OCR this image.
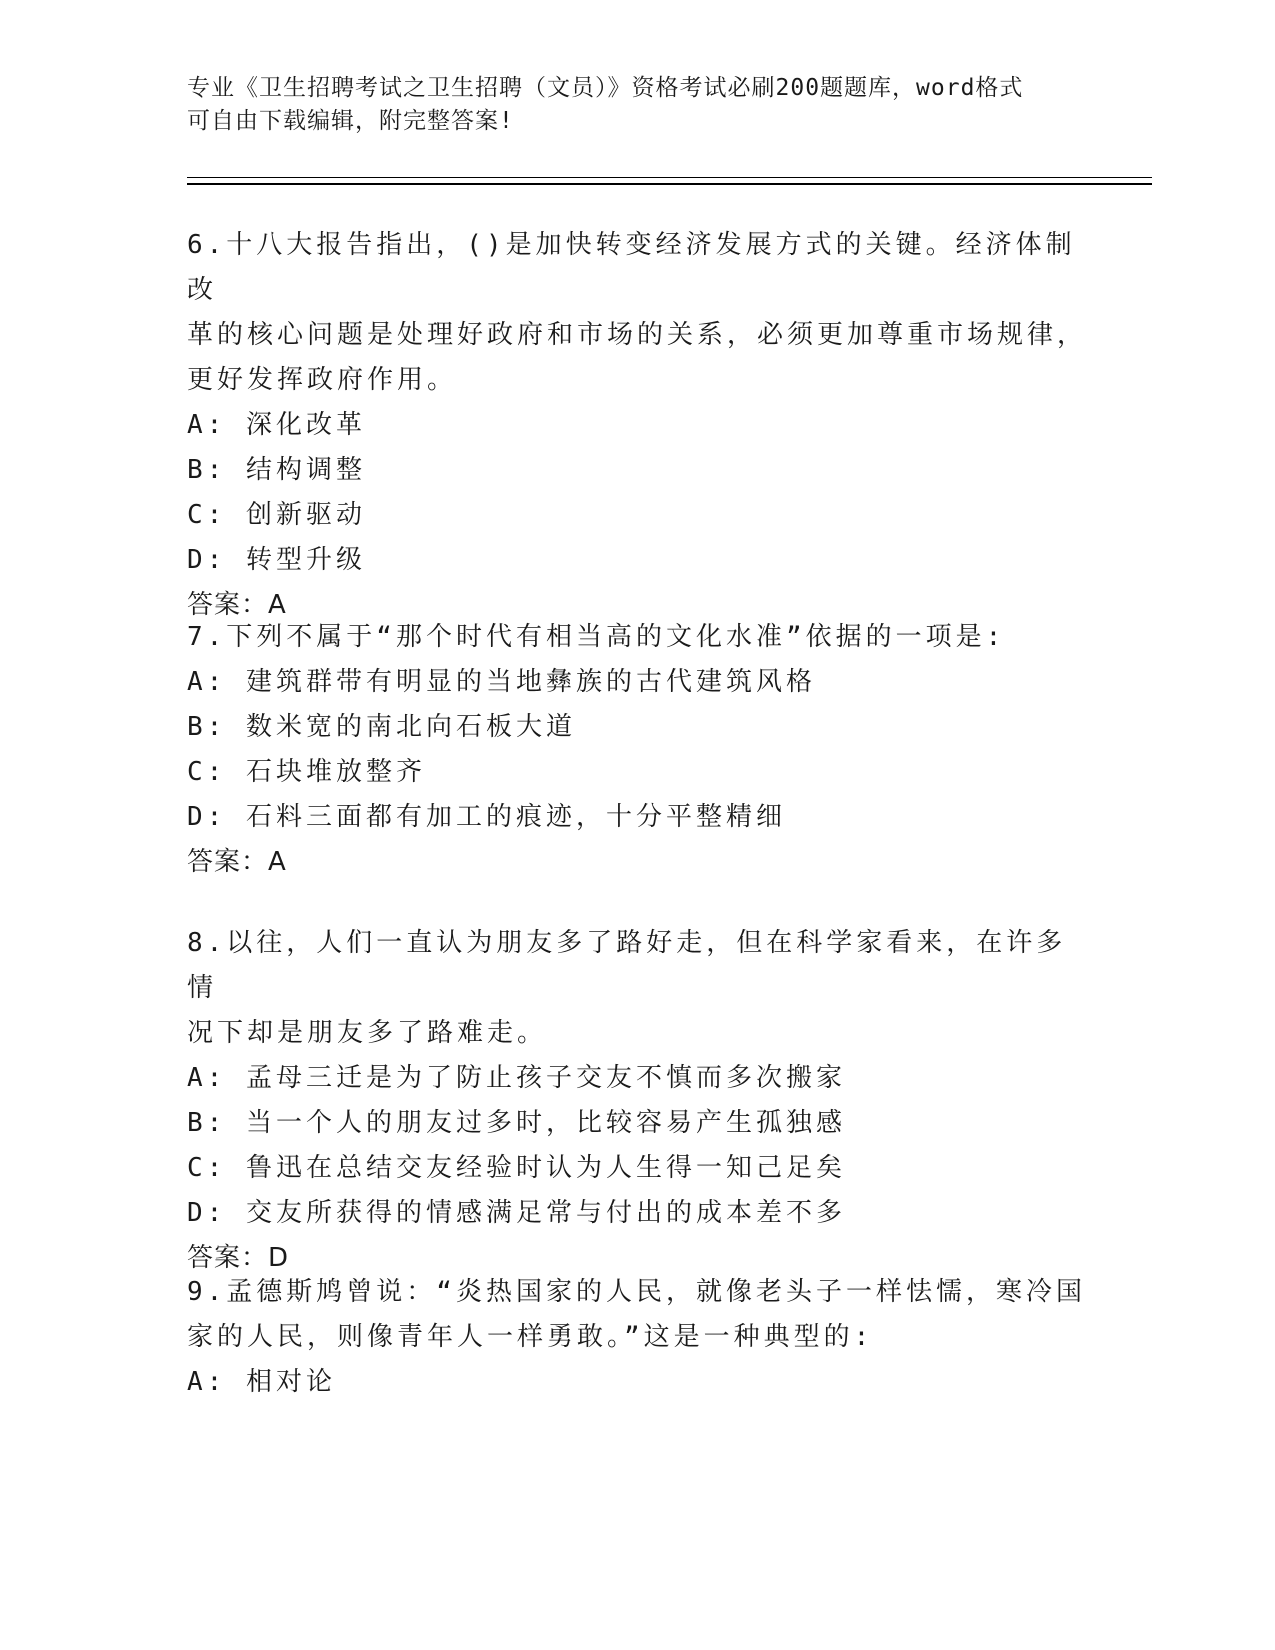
专业《卫生招聘考试之卫生招聘（文员）》资格考试必刷200题题库，word格式
可自由下载编辑，附完整答案!
6.十八大报告指出，()是加快转变经济发展方式的关键。经济体制改
革的核心问题是处理好政府和市场的关系，必须更加尊重市场规律，
更好发挥政府作用。
A: 深化改革
B: 结构调整
C: 创新驱动
D: 转型升级
答案：A
7.下列不属于“那个时代有相当高的文化水准”依据的一项是:
A: 建筑群带有明显的当地彝族的古代建筑风格
B: 数米宽的南北向石板大道
C: 石块堆放整齐
D: 石料三面都有加工的痕迹，十分平整精细
答案：A
8.以往，人们一直认为朋友多了路好走，但在科学家看来，在许多情
况下却是朋友多了路难走。
A: 孟母三迁是为了防止孩子交友不慎而多次搬家
B: 当一个人的朋友过多时，比较容易产生孤独感
C: 鲁迅在总结交友经验时认为人生得一知己足矣
D: 交友所获得的情感满足常与付出的成本差不多
答案：D
9.孟德斯鸠曾说：“炎热国家的人民，就像老头子一样怯懦，寒冷国
家的人民，则像青年人一样勇敢。”这是一种典型的:
A: 相对论
